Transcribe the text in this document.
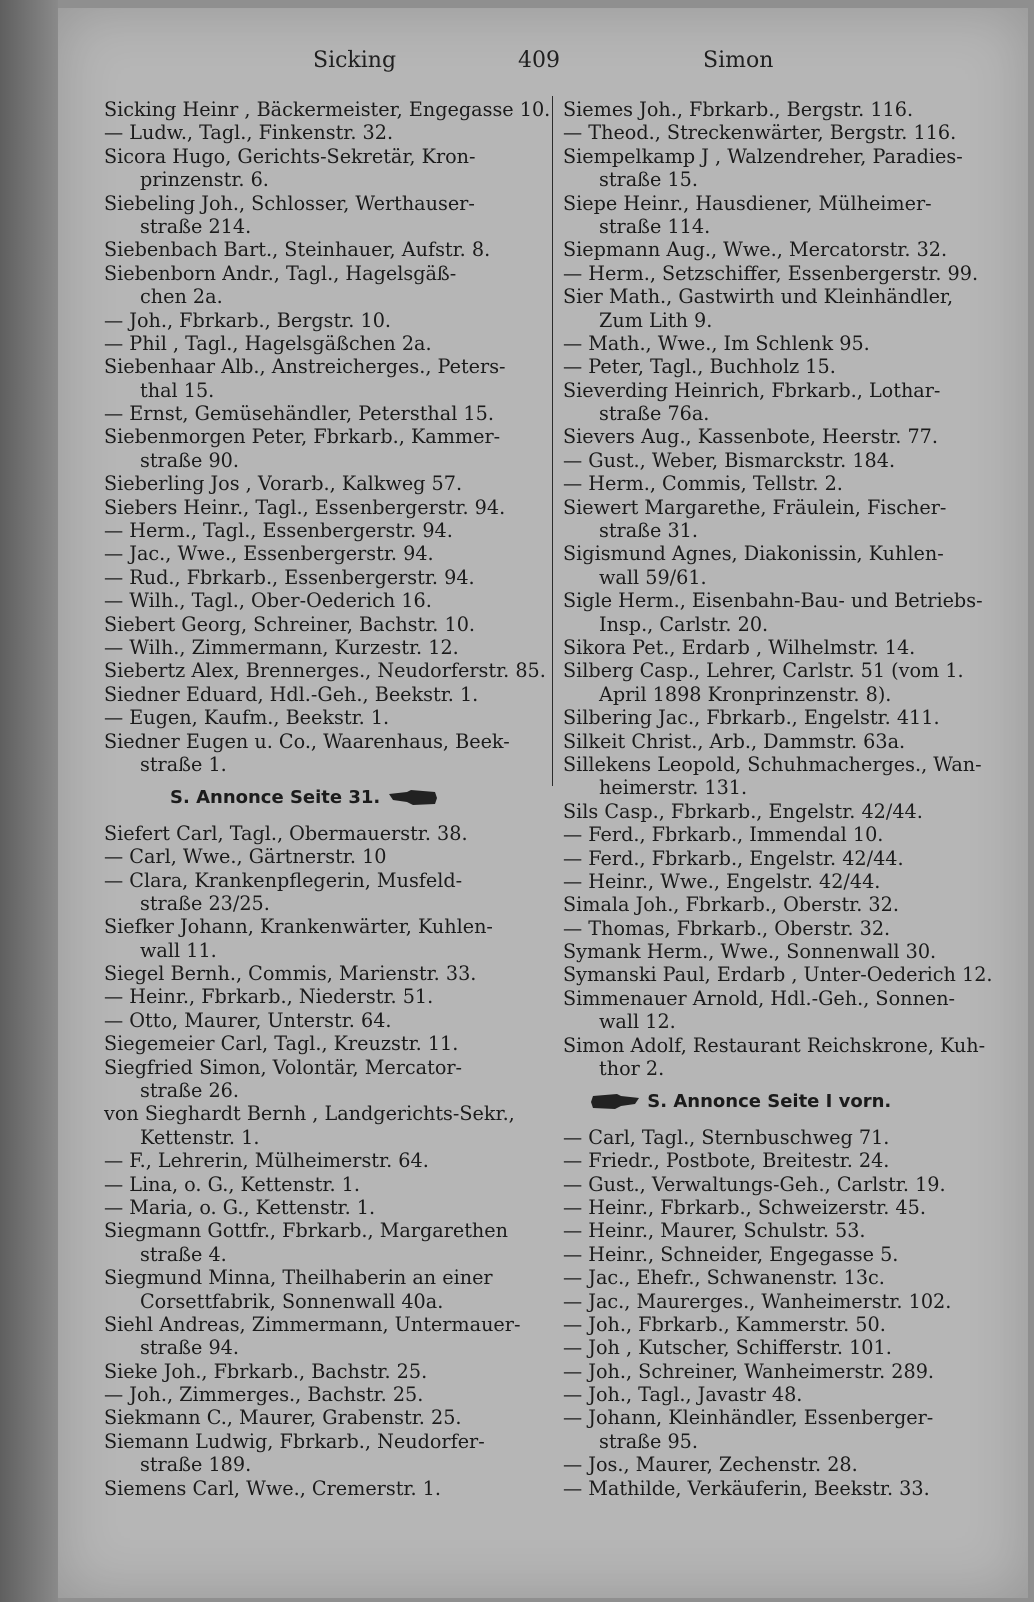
Sicking	409	Simon
Sicking Heinr , Bäckermeister, Engegasse 10.
— Ludw., Tagl., Finkenstr. 32.
Sicora Hugo, Gerichts-Sekretär, Kron-
prinzenstr. 6.
Siebeling Joh., Schlosser, Werthauser-
straße 214.
Siebenbach Bart., Steinhauer, Aufstr. 8.
Siebenborn Andr., Tagl., Hagelsgäß-
chen 2a.
— Joh., Fbrkarb., Bergstr. 10.
— Phil , Tagl., Hagelsgäßchen 2a.
Siebenhaar Alb., Anstreicherges., Peters-
thal 15.
— Ernst, Gemüsehändler, Petersthal 15.
Siebenmorgen Peter, Fbrkarb., Kammer-
straße 90.
Sieberling Jos , Vorarb., Kalkweg 57.
Siebers Heinr., Tagl., Essenbergerstr. 94.
— Herm., Tagl., Essenbergerstr. 94.
— Jac., Wwe., Essenbergerstr. 94.
— Rud., Fbrkarb., Essenbergerstr. 94.
— Wilh., Tagl., Ober-Oederich 16.
Siebert Georg, Schreiner, Bachstr. 10.
— Wilh., Zimmermann, Kurzestr. 12.
Siebertz Alex, Brennerges., Neudorferstr. 85.
Siedner Eduard, Hdl.-Geh., Beekstr. 1.
— Eugen, Kaufm., Beekstr. 1.
Siedner Eugen u. Co., Waarenhaus, Beek-
straße 1.
S. Annonce Seite 31.
Siefert Carl, Tagl., Obermauerstr. 38.
— Carl, Wwe., Gärtnerstr. 10
— Clara, Krankenpflegerin, Musfeld-
straße 23/25.
Siefker Johann, Krankenwärter, Kuhlen-
wall 11.
Siegel Bernh., Commis, Marienstr. 33.
— Heinr., Fbrkarb., Niederstr. 51.
— Otto, Maurer, Unterstr. 64.
Siegemeier Carl, Tagl., Kreuzstr. 11.
Siegfried Simon, Volontär, Mercator-
straße 26.
von Sieghardt Bernh , Landgerichts-Sekr.,
Kettenstr. 1.
— F., Lehrerin, Mülheimerstr. 64.
— Lina, o. G., Kettenstr. 1.
— Maria, o. G., Kettenstr. 1.
Siegmann Gottfr., Fbrkarb., Margarethen
straße 4.
Siegmund Minna, Theilhaberin an einer
Corsettfabrik, Sonnenwall 40a.
Siehl Andreas, Zimmermann, Untermauer-
straße 94.
Sieke Joh., Fbrkarb., Bachstr. 25.
— Joh., Zimmerges., Bachstr. 25.
Siekmann C., Maurer, Grabenstr. 25.
Siemann Ludwig, Fbrkarb., Neudorfer-
straße 189.
Siemens Carl, Wwe., Cremerstr. 1.
Siemes Joh., Fbrkarb., Bergstr. 116.
— Theod., Streckenwärter, Bergstr. 116.
Siempelkamp J , Walzendreher, Paradies-
straße 15.
Siepe Heinr., Hausdiener, Mülheimer-
straße 114.
Siepmann Aug., Wwe., Mercatorstr. 32.
— Herm., Setzschiffer, Essenbergerstr. 99.
Sier Math., Gastwirth und Kleinhändler,
Zum Lith 9.
— Math., Wwe., Im Schlenk 95.
— Peter, Tagl., Buchholz 15.
Sieverding Heinrich, Fbrkarb., Lothar-
straße 76a.
Sievers Aug., Kassenbote, Heerstr. 77.
— Gust., Weber, Bismarckstr. 184.
— Herm., Commis, Tellstr. 2.
Siewert Margarethe, Fräulein, Fischer-
straße 31.
Sigismund Agnes, Diakonissin, Kuhlen-
wall 59/61.
Sigle Herm., Eisenbahn-Bau- und Betriebs-
Insp., Carlstr. 20.
Sikora Pet., Erdarb , Wilhelmstr. 14.
Silberg Casp., Lehrer, Carlstr. 51 (vom 1.
April 1898 Kronprinzenstr. 8).
Silbering Jac., Fbrkarb., Engelstr. 411.
Silkeit Christ., Arb., Dammstr. 63a.
Sillekens Leopold, Schuhmacherges., Wan-
heimerstr. 131.
Sils Casp., Fbrkarb., Engelstr. 42/44.
— Ferd., Fbrkarb., Immendal 10.
— Ferd., Fbrkarb., Engelstr. 42/44.
— Heinr., Wwe., Engelstr. 42/44.
Simala Joh., Fbrkarb., Oberstr. 32.
— Thomas, Fbrkarb., Oberstr. 32.
Symank Herm., Wwe., Sonnenwall 30.
Symanski Paul, Erdarb , Unter-Oederich 12.
Simmenauer Arnold, Hdl.-Geh., Sonnen-
wall 12.
Simon Adolf, Restaurant Reichskrone, Kuh-
thor 2.
S. Annonce Seite I vorn.
— Carl, Tagl., Sternbuschweg 71.
— Friedr., Postbote, Breitestr. 24.
— Gust., Verwaltungs-Geh., Carlstr. 19.
— Heinr., Fbrkarb., Schweizerstr. 45.
— Heinr., Maurer, Schulstr. 53.
— Heinr., Schneider, Engegasse 5.
— Jac., Ehefr., Schwanenstr. 13c.
— Jac., Maurerges., Wanheimerstr. 102.
— Joh., Fbrkarb., Kammerstr. 50.
— Joh , Kutscher, Schifferstr. 101.
— Joh., Schreiner, Wanheimerstr. 289.
— Joh., Tagl., Javastr 48.
— Johann, Kleinhändler, Essenberger-
straße 95.
— Jos., Maurer, Zechenstr. 28.
— Mathilde, Verkäuferin, Beekstr. 33.
